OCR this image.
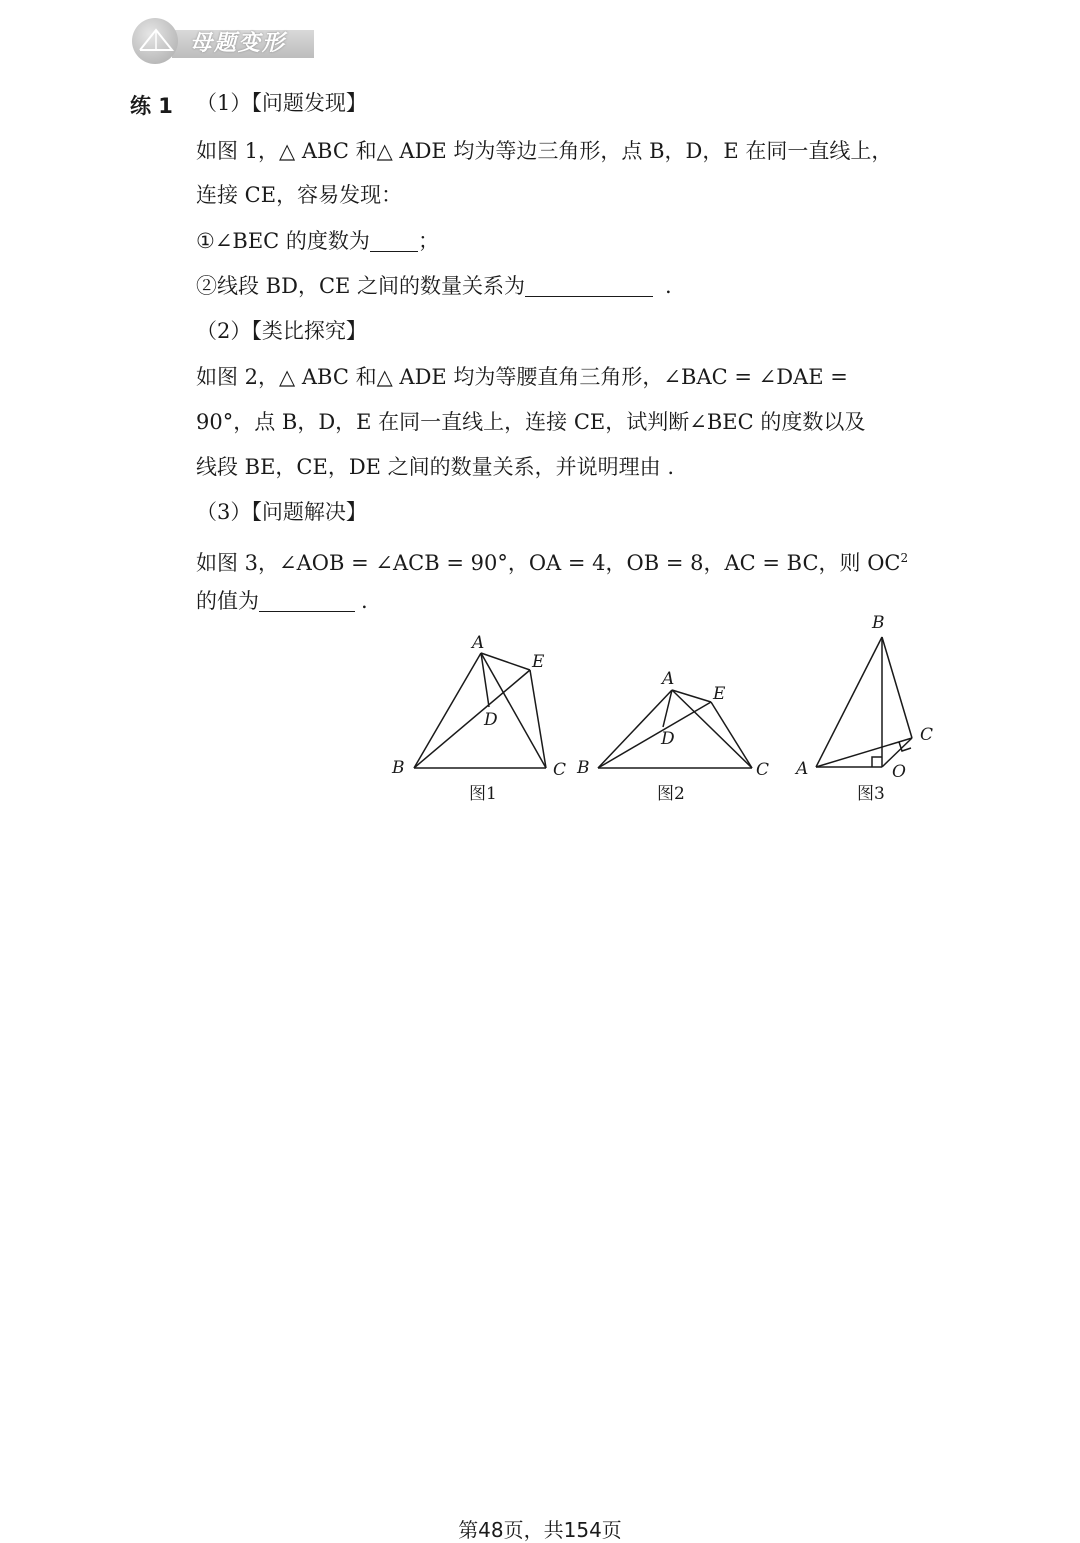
母题变形
练 1 （1）【问题发现】
如图 1，△ ABC 和△ ADE 均为等边三角形，点 B，D，E 在同一直线上，
连接 CE，容易发现：
①∠BEC 的度数为 ；
②线段 BD，CE 之间的数量关系为	.
（2）【类比探究】
如图 2，△ ABC 和△ ADE 均为等腰直角三角形，∠BAC = ∠DAE =
90°，点 B，D，E 在同一直线上，连接 CE，试判断∠BEC 的度数以及
线段 BE，CE，DE 之间的数量关系，并说明理由 .
（3）【问题解决】
如图 3，∠AOB = ∠ACB = 90°，OA = 4，OB = 8，AC = BC，则 $OC^2$
的值为	.
A
B	C
D
E
图1
A
B	C
D
E
图2
B
A
C
O
图3
第48页，共154页
